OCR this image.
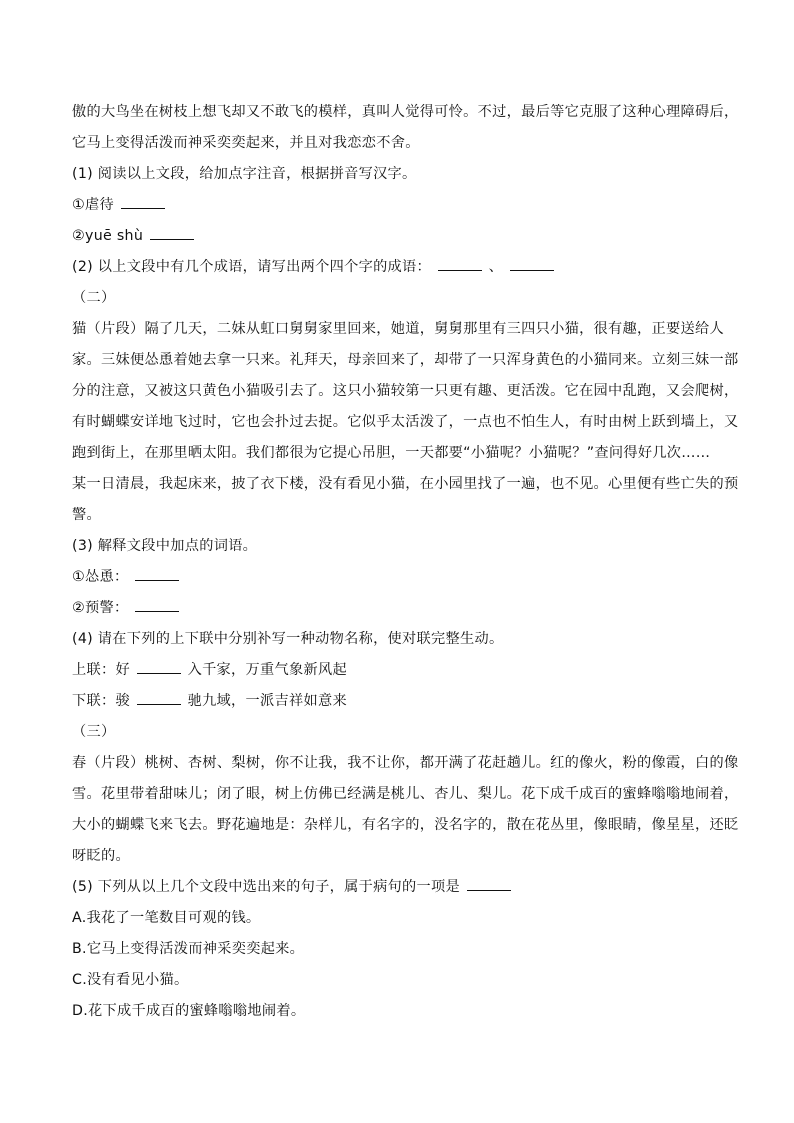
傲的大鸟坐在树枝上想飞却又不敢飞的模样，真叫人觉得可怜。不过，最后等它克服了这种心理障碍后，
它马上变得活泼而神采奕奕起来，并且对我恋恋不舍。
(1) 阅读以上文段，给加点字注音，根据拼音写汉字。
①虐待
②yuē shù
(2) 以上文段中有几个成语，请写出两个四个字的成语：	、
（二）
猫（片段）隔了几天，二妹从虹口舅舅家里回来，她道，舅舅那里有三四只小猫，很有趣，正要送给人
家。三妹便怂恿着她去拿一只来。礼拜天，母亲回来了，却带了一只浑身黄色的小猫同来。立刻三妹一部
分的注意，又被这只黄色小猫吸引去了。这只小猫较第一只更有趣、更活泼。它在园中乱跑，又会爬树，
有时蝴蝶安详地飞过时，它也会扑过去捉。它似乎太活泼了，一点也不怕生人，有时由树上跃到墙上，又
跑到街上，在那里晒太阳。我们都很为它提心吊胆，一天都要“小猫呢？小猫呢？”查问得好几次……
某一日清晨，我起床来，披了衣下楼，没有看见小猫，在小园里找了一遍，也不见。心里便有些亡失的预
警。
(3) 解释文段中加点的词语。
①怂恿：
②预警：
(4) 请在下列的上下联中分别补写一种动物名称，使对联完整生动。
上联：好	入千家，万重气象新风起
下联：骏	驰九域，一派吉祥如意来
（三）
春（片段）桃树、杏树、梨树，你不让我，我不让你，都开满了花赶趟儿。红的像火，粉的像霞，白的像
雪。花里带着甜味儿；闭了眼，树上仿佛已经满是桃儿、杏儿、梨儿。花下成千成百的蜜蜂嗡嗡地闹着，
大小的蝴蝶飞来飞去。野花遍地是：杂样儿，有名字的，没名字的，散在花丛里，像眼睛，像星星，还眨
呀眨的。
(5) 下列从以上几个文段中选出来的句子，属于病句的一项是
A.我花了一笔数目可观的钱。
B.它马上变得活泼而神采奕奕起来。
C.没有看见小猫。
D.花下成千成百的蜜蜂嗡嗡地闹着。
